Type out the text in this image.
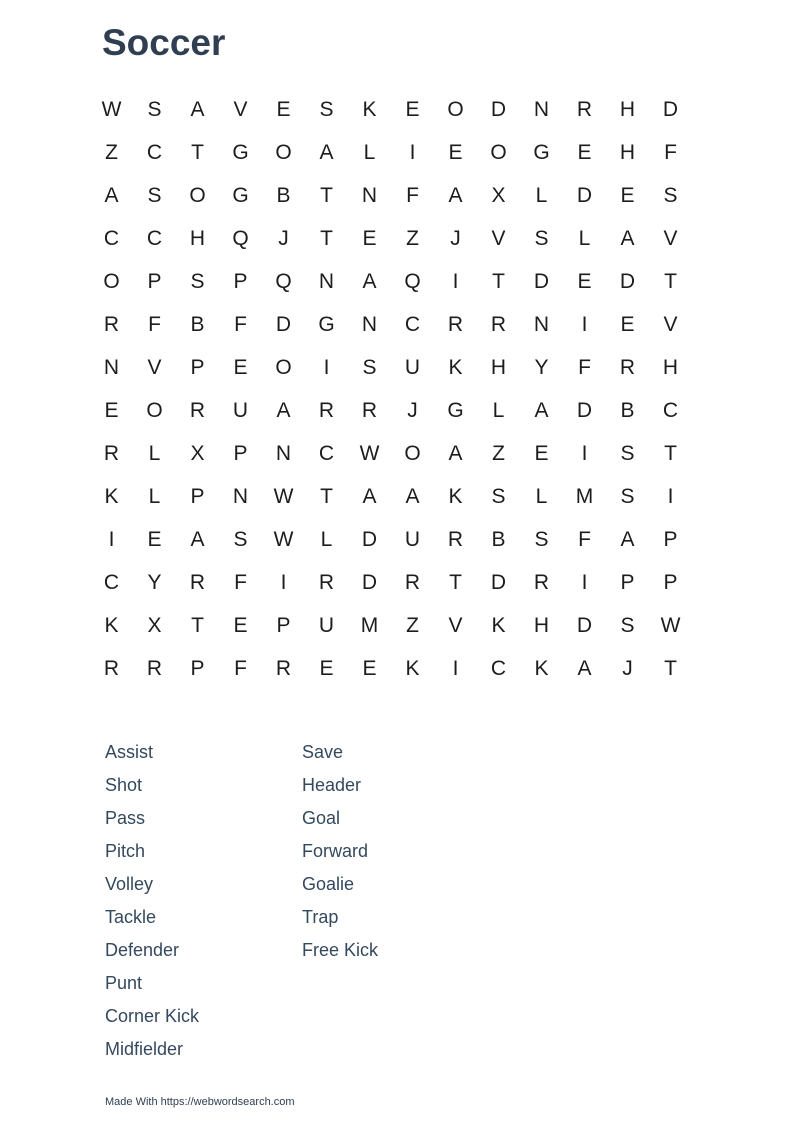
Soccer
W	S	A	V	E	S	K	E	O	D	N	R	H	D
Z	C	T	G	O	A	L	I	E	O	G	E	H	F
A	S	O	G	B	T	N	F	A	X	L	D	E	S
C	C	H	Q	J	T	E	Z	J	V	S	L	A	V
O	P	S	P	Q	N	A	Q	I	T	D	E	D	T
R	F	B	F	D	G	N	C	R	R	N	I	E	V
N	V	P	E	O	I	S	U	K	H	Y	F	R	H
E	O	R	U	A	R	R	J	G	L	A	D	B	C
R	L	X	P	N	C	W	O	A	Z	E	I	S	T
K	L	P	N	W	T	A	A	K	S	L	M	S	I
I	E	A	S	W	L	D	U	R	B	S	F	A	P
C	Y	R	F	I	R	D	R	T	D	R	I	P	P
K	X	T	E	P	U	M	Z	V	K	H	D	S	W
R	R	P	F	R	E	E	K	I	C	K	A	J	T
Assist
Shot
Pass
Pitch
Volley
Tackle
Defender
Punt
Corner Kick
Midfielder
Save
Header
Goal
Forward
Goalie
Trap
Free Kick
Made With https://webwordsearch.com
